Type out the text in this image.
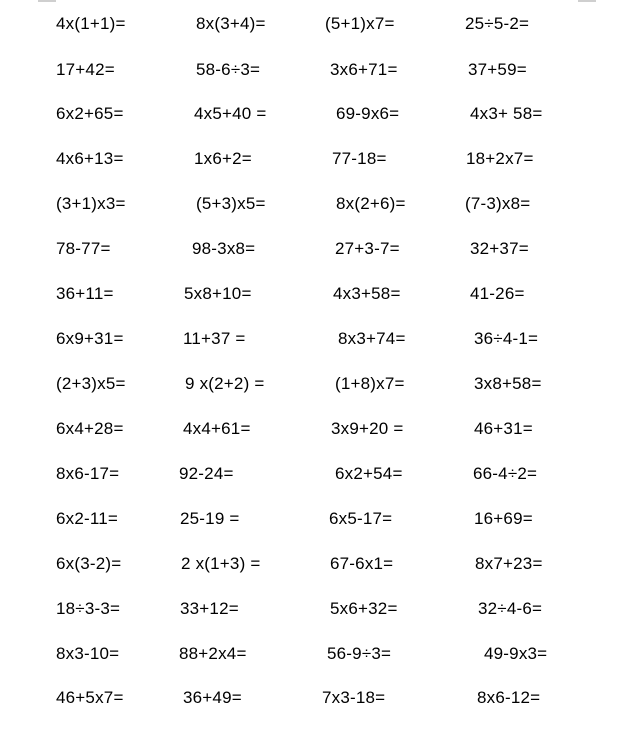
4x(1+1)=	8x(3+4)=	(5+1)x7=	25÷5-2=
17+42=	58-6÷3=	3x6+71=	37+59=
6x2+65=	4x5+40 =	69-9x6=	4x3+ 58=
4x6+13=	1x6+2=	77-18=	18+2x7=
(3+1)x3=	(5+3)x5=	8x(2+6)=	(7-3)x8=
78-77=	98-3x8=	27+3-7=	32+37=
36+11=	5x8+10=	4x3+58=	41-26=
6x9+31=	11+37 =	8x3+74=	36÷4-1=
(2+3)x5=	9 x(2+2) =	(1+8)x7=	3x8+58=
6x4+28=	4x4+61=	3x9+20 =	46+31=
8x6-17=	92-24=	6x2+54=	66-4÷2=
6x2-11=	25-19 =	6x5-17=	16+69=
6x(3-2)=	2 x(1+3) =	67-6x1=	8x7+23=
18÷3-3=	33+12=	5x6+32=	32÷4-6=
8x3-10=	88+2x4=	56-9÷3=	49-9x3=
46+5x7=	36+49=	7x3-18=	8x6-12=
